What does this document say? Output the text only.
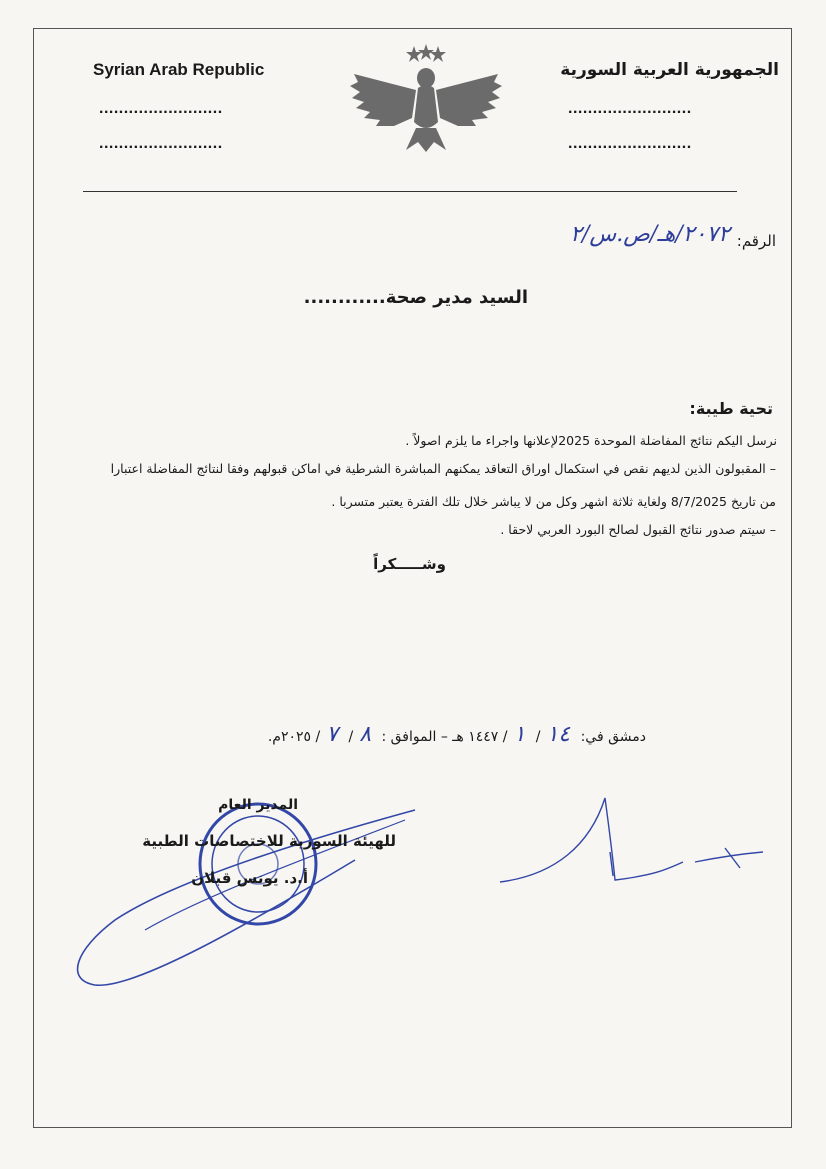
الجمهورية العربية السورية
Syrian Arab Republic
.........................
.........................
.........................
.........................
الرقم:
٢٠٧٢/هـ/ص.س/٢
السيد مدير صحة............
تحية طيبة:
نرسل اليكم نتائج المفاضلة الموحدة 2025لإعلانها واجراء ما يلزم اصولاً .
– المقبولون الذين لديهم نقص في استكمال اوراق التعاقد يمكنهم المباشرة الشرطية في اماكن قبولهم وفقا لنتائج المفاضلة اعتبارا
من تاريخ 8/7/2025 ولغاية ثلاثة اشهر وكل من لا يباشر خلال تلك الفترة يعتبر متسربا .
– سيتم صدور نتائج القبول لصالح البورد العربي لاحقا .
وشـــــكراً
دمشق في: ١٤/ ١/ ١٤٤٧ هـ – الموافق : ٨/ ٧/ ٢٠٢٥م.
المدير العام
للهيئة السورية للاختصاصات الطبية
أ.د. يونس قبلان
